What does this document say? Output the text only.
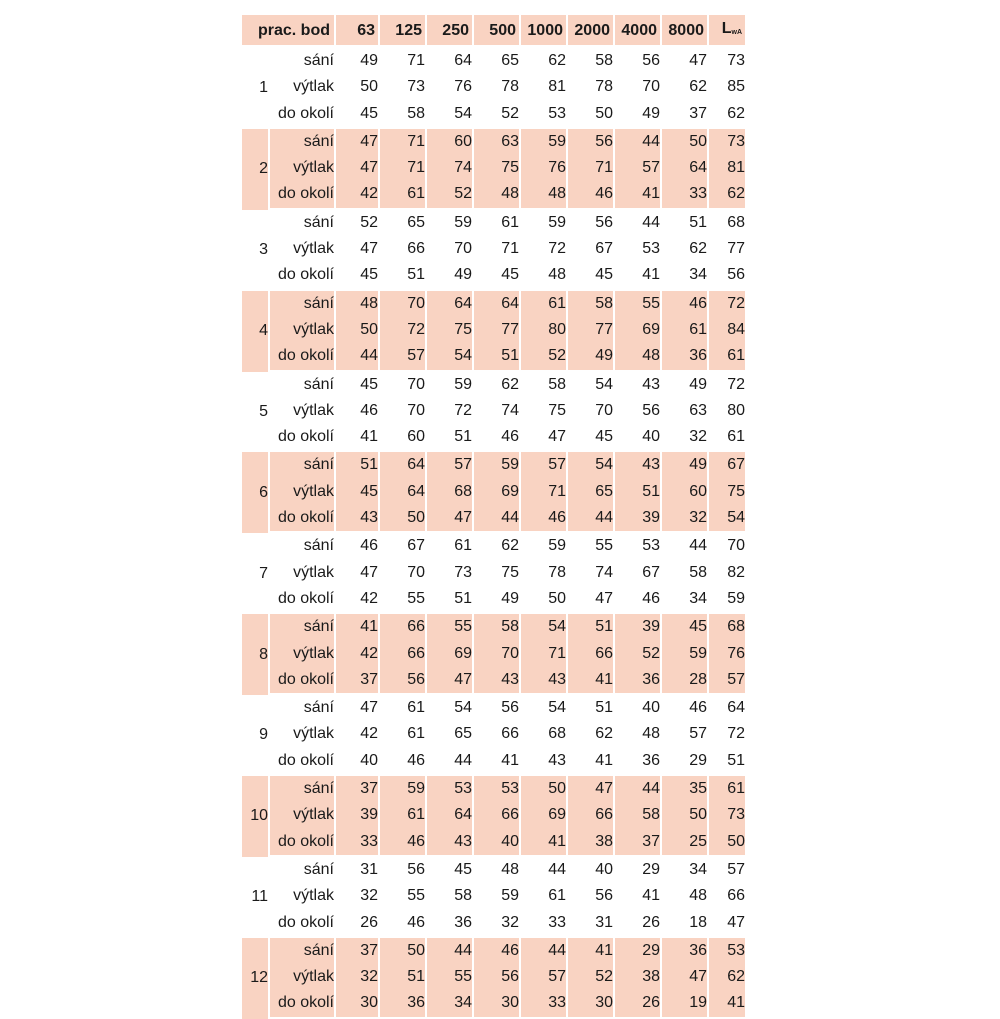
prac. bod		63	125	250	500	1000	2000	4000	8000	LwA
1	sání	49	71	64	65	62	58	56	47	73
	výtlak	50	73	76	78	81	78	70	62	85
	do okolí	45	58	54	52	53	50	49	37	62
2	sání	47	71	60	63	59	56	44	50	73
	výtlak	47	71	74	75	76	71	57	64	81
	do okolí	42	61	52	48	48	46	41	33	62
3	sání	52	65	59	61	59	56	44	51	68
	výtlak	47	66	70	71	72	67	53	62	77
	do okolí	45	51	49	45	48	45	41	34	56
4	sání	48	70	64	64	61	58	55	46	72
	výtlak	50	72	75	77	80	77	69	61	84
	do okolí	44	57	54	51	52	49	48	36	61
5	sání	45	70	59	62	58	54	43	49	72
	výtlak	46	70	72	74	75	70	56	63	80
	do okolí	41	60	51	46	47	45	40	32	61
6	sání	51	64	57	59	57	54	43	49	67
	výtlak	45	64	68	69	71	65	51	60	75
	do okolí	43	50	47	44	46	44	39	32	54
7	sání	46	67	61	62	59	55	53	44	70
	výtlak	47	70	73	75	78	74	67	58	82
	do okolí	42	55	51	49	50	47	46	34	59
8	sání	41	66	55	58	54	51	39	45	68
	výtlak	42	66	69	70	71	66	52	59	76
	do okolí	37	56	47	43	43	41	36	28	57
9	sání	47	61	54	56	54	51	40	46	64
	výtlak	42	61	65	66	68	62	48	57	72
	do okolí	40	46	44	41	43	41	36	29	51
10	sání	37	59	53	53	50	47	44	35	61
	výtlak	39	61	64	66	69	66	58	50	73
	do okolí	33	46	43	40	41	38	37	25	50
11	sání	31	56	45	48	44	40	29	34	57
	výtlak	32	55	58	59	61	56	41	48	66
	do okolí	26	46	36	32	33	31	26	18	47
12	sání	37	50	44	46	44	41	29	36	53
	výtlak	32	51	55	56	57	52	38	47	62
	do okolí	30	36	34	30	33	30	26	19	41
